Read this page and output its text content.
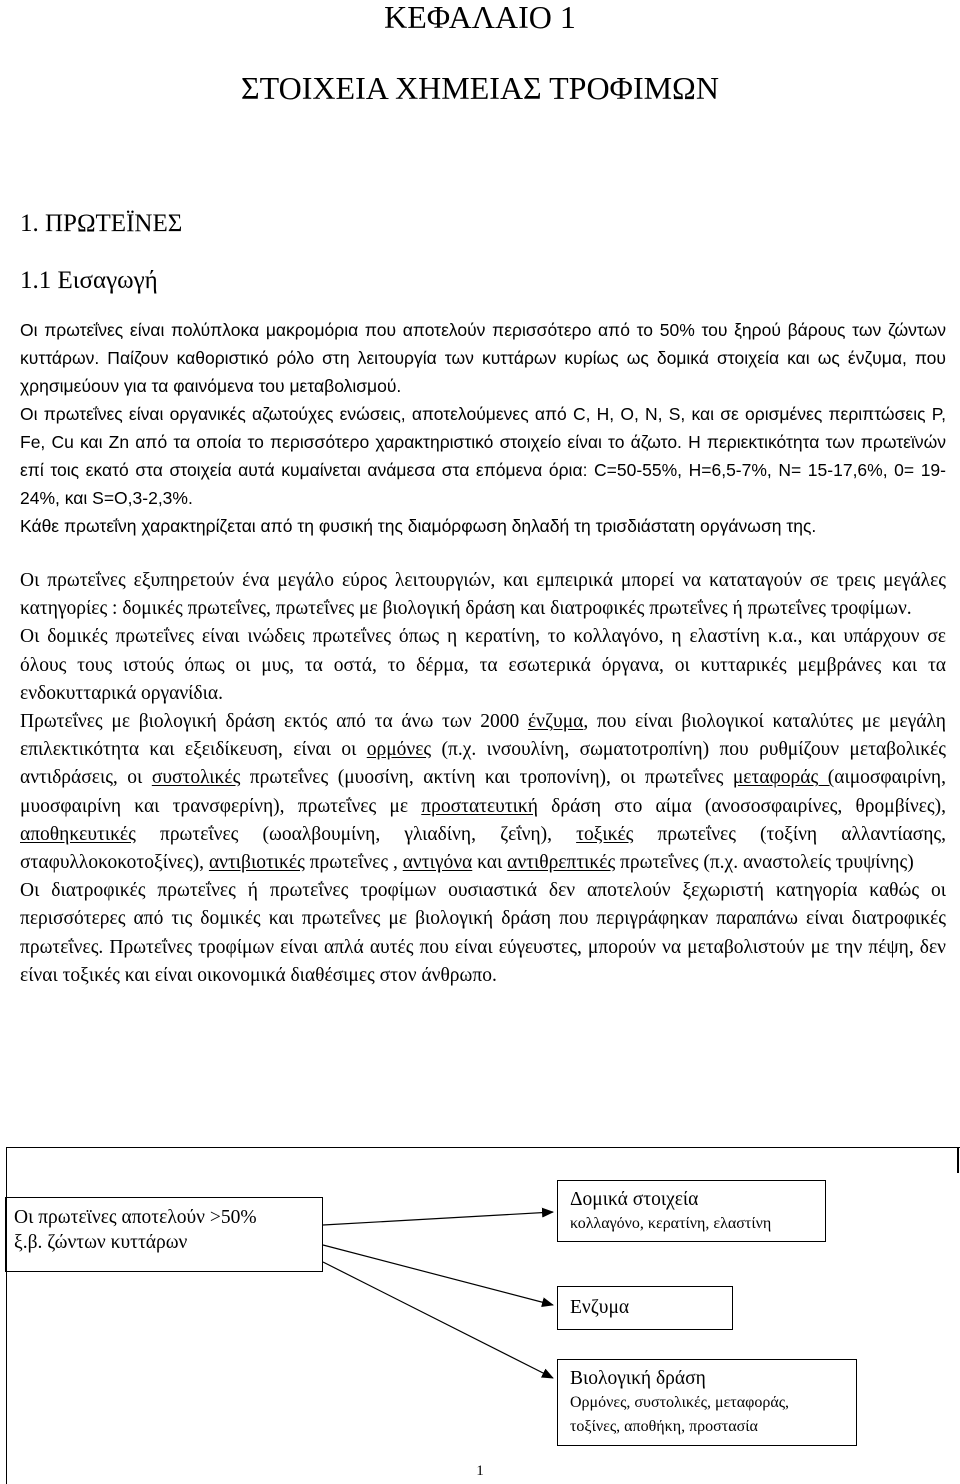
ΚΕΦΑΛΑΙΟ 1
ΣΤΟΙΧΕΙΑ ΧΗΜΕΙΑΣ ΤΡΟΦΙΜΩΝ
1. ΠΡΩΤΕΪΝΕΣ
1.1 Εισαγωγή

Οι πρωτεΐνες είναι πολύπλοκα μακρομόρια που αποτελούν περισσότερο από το 50% του ξηρού βάρους των ζώντων κυττάρων. Παίζουν καθοριστικό ρόλο στη λειτουργία των κυττάρων κυρίως ως δομικά στοιχεία και ως ένζυμα, που χρησιμεύουν για τα φαινόμενα του μεταβολισμού.

Οι πρωτεΐνες είναι οργανικές αζωτούχες ενώσεις, αποτελούμενες από C, H, O, N, S, και σε ορισμένες περιπτώσεις P, Fe, Cu και Zn από τα οποία το περισσότερο χαρακτηριστικό στοιχείο είναι το άζωτο. Η περιεκτικότητα των πρωτεϊνών επί τοις εκατό στα στοιχεία αυτά κυμαίνεται ανάμεσα στα επόμενα όρια: C=50-55%, H=6,5-7%, N= 15-17,6%, 0= 19-24%, και S=O,3-2,3%.

Κάθε πρωτεΐνη χαρακτηρίζεται από τη φυσική της διαμόρφωση δηλαδή τη τρισδιάστατη οργάνωση της.

Οι πρωτεΐνες εξυπηρετούν ένα μεγάλο εύρος λειτουργιών, και εμπειρικά μπορεί να καταταγούν σε τρεις μεγάλες κατηγορίες : δομικές πρωτεΐνες, πρωτεΐνες με βιολογική δράση και διατροφικές πρωτεΐνες ή πρωτεΐνες τροφίμων.

Οι δομικές πρωτεΐνες είναι ινώδεις πρωτεΐνες όπως η κερατίνη, το κολλαγόνο, η ελαστίνη κ.α., και υπάρχουν σε όλους τους ιστούς όπως οι μυς, τα οστά, το δέρμα, τα εσωτερικά όργανα, οι κυτταρικές μεμβράνες και τα ενδοκυτταρικά οργανίδια.

Πρωτεΐνες με βιολογική δράση εκτός από τα άνω των 2000 ένζυμα, που είναι βιολογικοί καταλύτες με μεγάλη επιλεκτικότητα και εξειδίκευση, είναι οι ορμόνες (π.χ. ινσουλίνη, σωματοτροπίνη) που ρυθμίζουν μεταβολικές αντιδράσεις, οι συστολικές πρωτεΐνες (μυοσίνη, ακτίνη και τροπονίνη), οι πρωτεΐνες μεταφοράς (αιμοσφαιρίνη, μυοσφαιρίνη και τρανσφερίνη), πρωτεΐνες με προστατευτική δράση στο αίμα (ανοσοσφαιρίνες, θρομβίνες), αποθηκευτικές πρωτεΐνες (ωοαλβουμίνη, γλιαδίνη, ζεΐνη), τοξικές πρωτεΐνες (τοξίνη αλλαντίασης, σταφυλλοκοκοτοξίνες), αντιβιοτικές πρωτεΐνες , αντιγόνα και αντιθρεπτικές πρωτεΐνες (π.χ. αναστολείς τρυψίνης)

Οι διατροφικές πρωτεΐνες ή πρωτεΐνες τροφίμων ουσιαστικά δεν αποτελούν ξεχωριστή κατηγορία καθώς οι περισσότερες από τις δομικές και πρωτεΐνες με βιολογική δράση που περιγράφηκαν παραπάνω είναι διατροφικές πρωτεΐνες. Πρωτεΐνες τροφίμων είναι απλά αυτές που είναι εύγευστες, μπορούν να μεταβολιστούν με την πέψη, δεν είναι τοξικές και είναι οικονομικά διαθέσιμες στον άνθρωπο.

Οι πρωτεϊνες αποτελούν >50%
ξ.β. ζώντων κυττάρων
Δομικά στοιχεία
κολλαγόνο, κερατίνη, ελαστίνη
Ενζυμα
Βιολογική δράση
Ορμόνες, συστολικές, μεταφοράς,
τοξίνες, αποθήκη, προστασία
1
